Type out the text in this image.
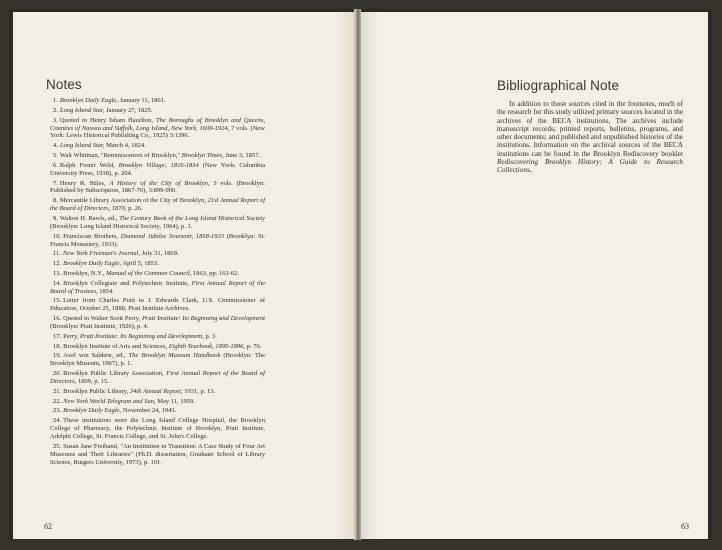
Notes
1. Brooklyn Daily Eagle, January 11, 1861.
2. Long Island Star, January 27, 1825.
3. Quoted in Henry Isham Hazelton, The Boroughs of Brooklyn and Queens, Counties of Nassau and Suffolk, Long Island, New York, 1609-1924, 7 vols. (New York: Lewis Historical Publishing Co., 1925) 3:1396.
4. Long Island Star, March 4, 1824.
5. Walt Whitman, "Reminiscences of Brooklyn," Brooklyn Times, June 3, 1857.
6. Ralph Foster Weld, Brooklyn Village: 1816-1834 (New York: Columbia University Press, 1938), p. 204.
7. Henry R. Stiles, A History of the City of Brooklyn, 3 vols. (Brooklyn: Published by Subscription, 1867-70), 3:899-900.
8. Mercantile Library Association of the City of Brooklyn, 21st Annual Report of the Board of Directors, 1870, p. 26.
9. Walton H. Rawls, ed., The Century Book of the Long Island Historical Society (Brooklyn: Long Island Historical Society, 1964), p. 1.
10. Franciscan Brothers, Diamond Jubilee Souvenir, 1858-1933 (Brooklyn: St. Francis Monastery, 1933).
11. New York Freeman's Journal, July 31, 1869.
12. Brooklyn Daily Eagle, April 5, 1853.
13. Brooklyn, N.Y., Manual of the Common Council, 1863, pp. 161-62.
14. Brooklyn Collegiate and Polytechnic Institute, First Annual Report of the Board of Trustees, 1854.
15. Letter from Charles Pratt to J. Edwards Clark, U.S. Commissioner of Education, October 25, 1888, Pratt Institute Archives.
16. Quoted in Walter Scott Perry, Pratt Institute: Its Beginning and Development (Brooklyn: Pratt Institute, 1926), p. 4.
17. Perry, Pratt Institute: Its Beginning and Development, p. 3.
18. Brooklyn Institute of Arts and Sciences, Eighth Yearbook, 1895-1896, p. 76.
19. Axel von Saldern, ed., The Brooklyn Museum Handbook (Brooklyn: The Brooklyn Museum, 1967), p. 1.
20. Brooklyn Public Library Association, First Annual Report of the Board of Directors, 1899, p. 15.
21. Brooklyn Public Library, 34th Annual Report, 1931, p. 13.
22. New York World Telegram and Sun, May 11, 1959.
23. Brooklyn Daily Eagle, November 24, 1943.
24. These institutions were the Long Island College Hospital, the Brooklyn College of Pharmacy, the Polytechnic Institute of Brooklyn, Pratt Institute, Adelphi College, St. Francis College, and St. John's College.
25. Susan Jane Freiband, "An Institution in Transition: A Case Study of Four Art Museums and Their Libraries" (Ph.D. dissertation, Graduate School of Library Science, Rutgers University, 1973), p. 101.
62
Bibliographical Note
In addition to those sources cited in the footnotes, much of the research for this study utilized primary sources located in the archives of the BECA institutions. The archives include manuscript records; printed reports, bulletins, programs, and other documents; and published and unpublished histories of the institutions. Information on the archival sources of the BECA institutions can be found in the Brooklyn Rediscovery booklet Rediscovering Brooklyn History: A Guide to Research Collections.
63
